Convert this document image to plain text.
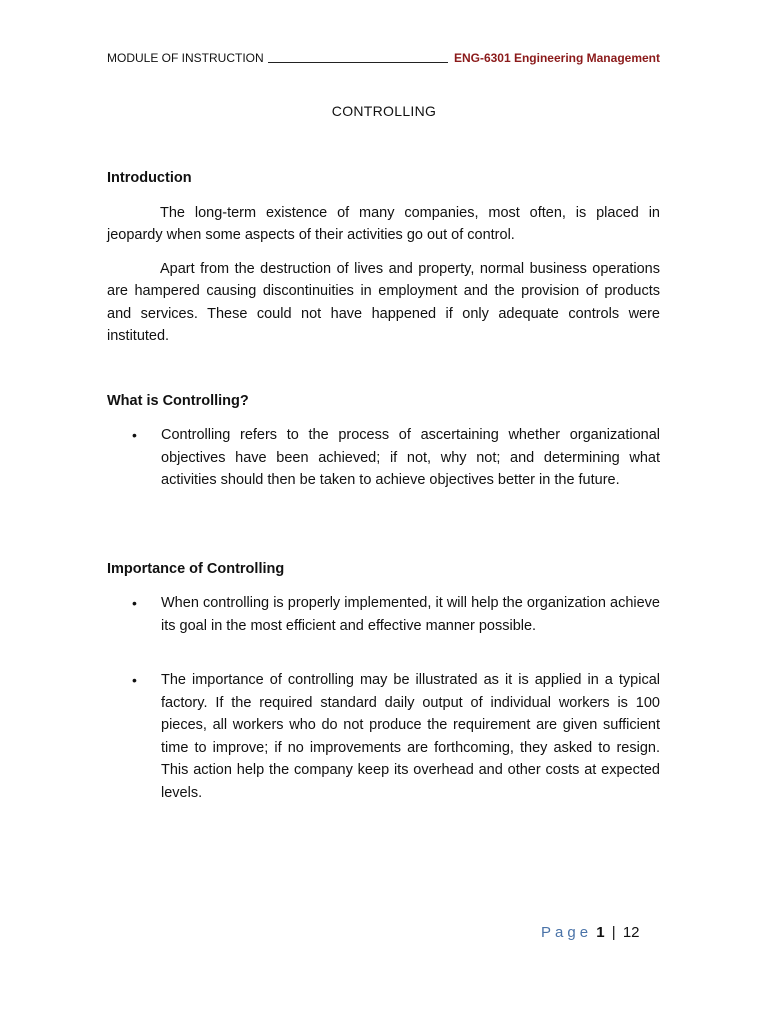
MODULE OF INSTRUCTION	ENG-6301 Engineering Management
CONTROLLING
Introduction

The long-term existence of many companies, most often, is placed in jeopardy when some aspects of their activities go out of control.

Apart from the destruction of lives and property, normal business operations are hampered causing discontinuities in employment and the provision of products and services. These could not have happened if only adequate controls were instituted.

What is Controlling?
• Controlling refers to the process of ascertaining whether organizational objectives have been achieved; if not, why not; and determining what activities should then be taken to achieve objectives better in the future.
Importance of Controlling
• When controlling is properly implemented, it will help the organization achieve its goal in the most efficient and effective manner possible.
• The importance of controlling may be illustrated as it is applied in a typical factory. If the required standard daily output of individual workers is 100 pieces, all workers who do not produce the requirement are given sufficient time to improve; if no improvements are forthcoming, they asked to resign. This action help the company keep its overhead and other costs at expected levels.
Page 1 | 12
